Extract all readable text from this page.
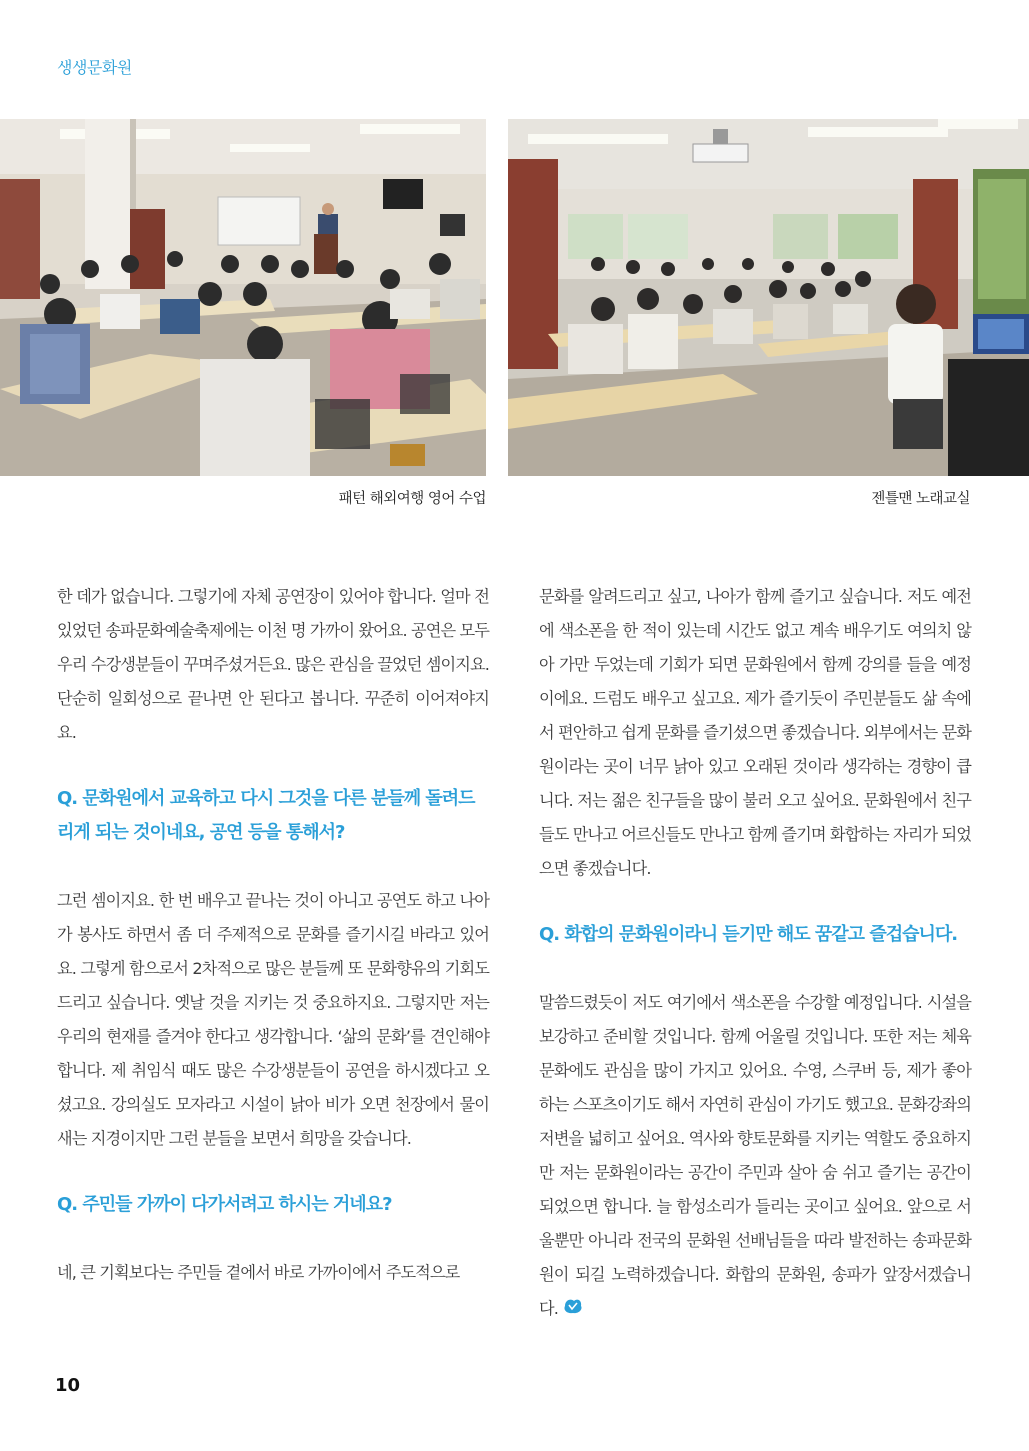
생생문화원
패턴 해외여행 영어 수업	젠틀맨 노래교실

한 데가 없습니다. 그렇기에 자체 공연장이 있어야 합니다. 얼마 전 있었던 송파문화예술축제에는 이천 명 가까이 왔어요. 공연은 모두 우리 수강생분들이 꾸며주셨거든요. 많은 관심을 끌었던 셈이지요. 단순히 일회성으로 끝나면 안 된다고 봅니다. 꾸준히 이어져야지요.

Q. 문화원에서 교육하고 다시 그것을 다른 분들께 돌려드리게 되는 것이네요, 공연 등을 통해서?

그런 셈이지요. 한 번 배우고 끝나는 것이 아니고 공연도 하고 나아가 봉사도 하면서 좀 더 주제적으로 문화를 즐기시길 바라고 있어요. 그렇게 함으로서 2차적으로 많은 분들께 또 문화향유의 기회도 드리고 싶습니다. 옛날 것을 지키는 것 중요하지요. 그렇지만 저는 우리의 현재를 즐겨야 한다고 생각합니다. ‘삶의 문화’를 견인해야 합니다. 제 취임식 때도 많은 수강생분들이 공연을 하시겠다고 오셨고요. 강의실도 모자라고 시설이 낡아 비가 오면 천장에서 물이 새는 지경이지만 그런 분들을 보면서 희망을 갖습니다.

Q. 주민들 가까이 다가서려고 하시는 거네요?

네, 큰 기획보다는 주민들 곁에서 바로 가까이에서 주도적으로

문화를 알려드리고 싶고, 나아가 함께 즐기고 싶습니다. 저도 예전에 색소폰을 한 적이 있는데 시간도 없고 계속 배우기도 여의치 않아 가만 두었는데 기회가 되면 문화원에서 함께 강의를 들을 예정이에요. 드럼도 배우고 싶고요. 제가 즐기듯이 주민분들도 삶 속에서 편안하고 쉽게 문화를 즐기셨으면 좋겠습니다. 외부에서는 문화원이라는 곳이 너무 낡아 있고 오래된 것이라 생각하는 경향이 큽니다. 저는 젊은 친구들을 많이 불러 오고 싶어요. 문화원에서 친구들도 만나고 어르신들도 만나고 함께 즐기며 화합하는 자리가 되었으면 좋겠습니다.

Q. 화합의 문화원이라니 듣기만 해도 꿈같고 즐겁습니다.

말씀드렸듯이 저도 여기에서 색소폰을 수강할 예정입니다. 시설을 보강하고 준비할 것입니다. 함께 어울릴 것입니다. 또한 저는 체육문화에도 관심을 많이 가지고 있어요. 수영, 스쿠버 등, 제가 좋아하는 스포츠이기도 해서 자연히 관심이 가기도 했고요. 문화강좌의 저변을 넓히고 싶어요. 역사와 향토문화를 지키는 역할도 중요하지만 저는 문화원이라는 공간이 주민과 살아 숨 쉬고 즐기는 공간이 되었으면 합니다. 늘 함성소리가 들리는 곳이고 싶어요. 앞으로 서울뿐만 아니라 전국의 문화원 선배님들을 따라 발전하는 송파문화원이 되길 노력하겠습니다. 화합의 문화원, 송파가 앞장서겠습니다.

10
